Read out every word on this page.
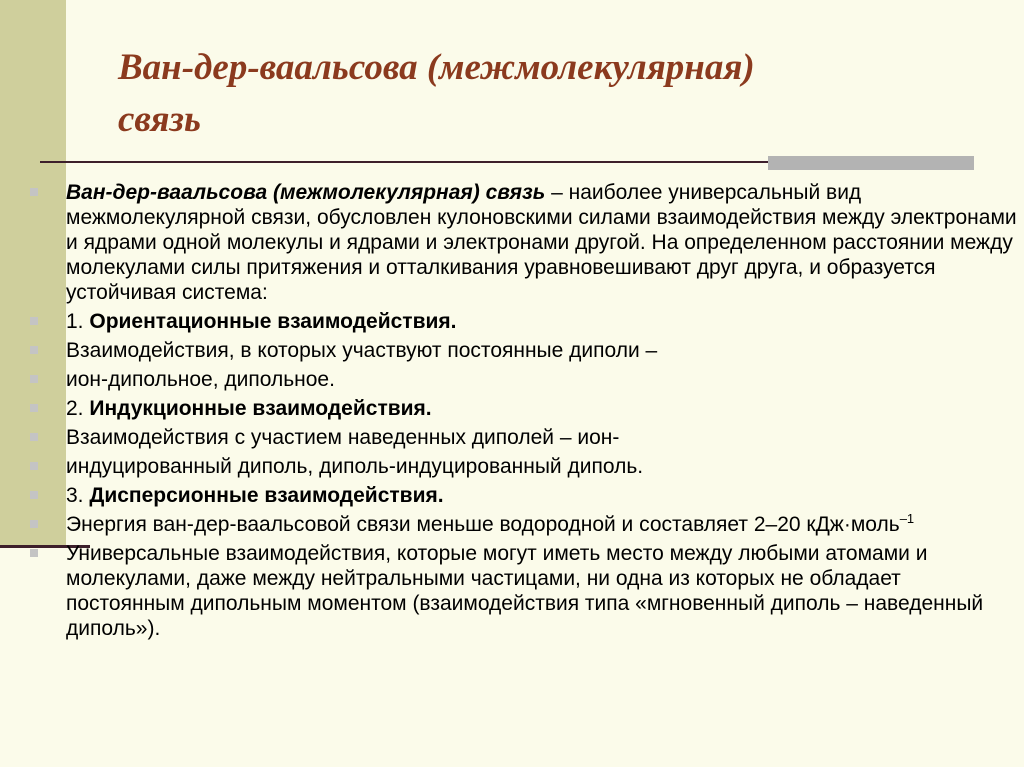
Ван-дер-ваальсова (межмолекулярная)
связь
Ван-дер-ваальсова (межмолекулярная) связь – наиболее универсальный вид межмолекулярной связи, обусловлен кулоновскими силами взаимодействия между электронами и ядрами одной молекулы и ядрами и электронами другой. На определенном расстоянии между молекулами силы притяжения и отталкивания уравновешивают друг друга, и образуется устойчивая система:
1. Ориентационные взаимодействия.
Взаимодействия, в которых участвуют постоянные диполи –
ион-дипольное, дипольное.
2. Индукционные взаимодействия.
Взаимодействия с участием наведенных диполей – ион-
индуцированный диполь, диполь-индуцированный диполь.
3. Дисперсионные взаимодействия.
Энергия ван-дер-ваальсовой связи меньше водородной и составляет 2–20 кДж·моль$^{-1}$
Универсальные взаимодействия, которые могут иметь место между любыми атомами и молекулами, даже между нейтральными частицами, ни одна из которых не обладает постоянным дипольным моментом (взаимодействия типа «мгновенный диполь – наведенный диполь»).
